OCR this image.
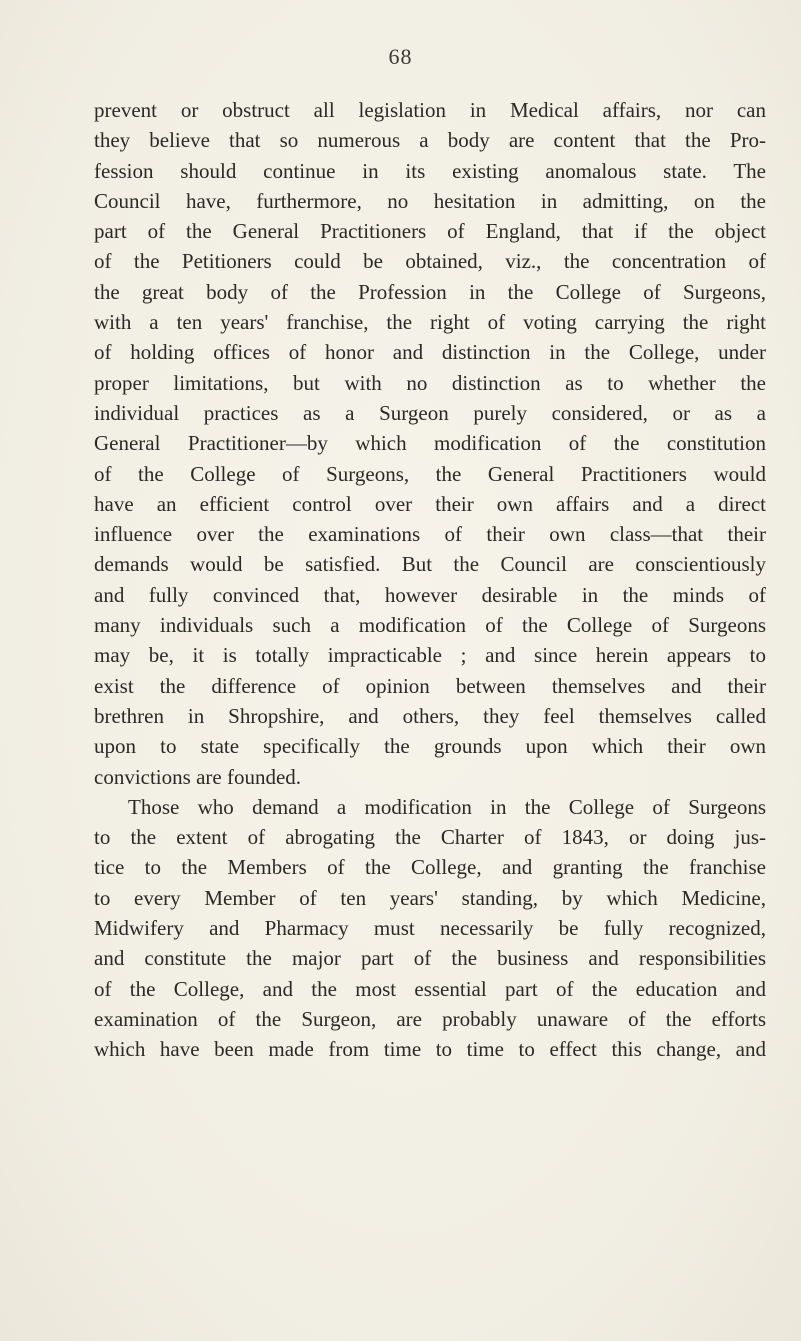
68
prevent or obstruct all legislation in Medical affairs, nor can
they believe that so numerous a body are content that the Pro-
fession should continue in its existing anomalous state. The
Council have, furthermore, no hesitation in admitting, on the
part of the General Practitioners of England, that if the object
of the Petitioners could be obtained, viz., the concentration of
the great body of the Profession in the College of Surgeons,
with a ten years' franchise, the right of voting carrying the right
of holding offices of honor and distinction in the College, under
proper limitations, but with no distinction as to whether the
individual practices as a Surgeon purely considered, or as a
General Practitioner—by which modification of the constitution
of the College of Surgeons, the General Practitioners would
have an efficient control over their own affairs and a direct
influence over the examinations of their own class—that their
demands would be satisfied. But the Council are conscientiously
and fully convinced that, however desirable in the minds of
many individuals such a modification of the College of Surgeons
may be, it is totally impracticable ; and since herein appears to
exist the difference of opinion between themselves and their
brethren in Shropshire, and others, they feel themselves called
upon to state specifically the grounds upon which their own
convictions are founded.
Those who demand a modification in the College of Surgeons
to the extent of abrogating the Charter of 1843, or doing jus-
tice to the Members of the College, and granting the franchise
to every Member of ten years' standing, by which Medicine,
Midwifery and Pharmacy must necessarily be fully recognized,
and constitute the major part of the business and responsibilities
of the College, and the most essential part of the education and
examination of the Surgeon, are probably unaware of the efforts
which have been made from time to time to effect this change, and
